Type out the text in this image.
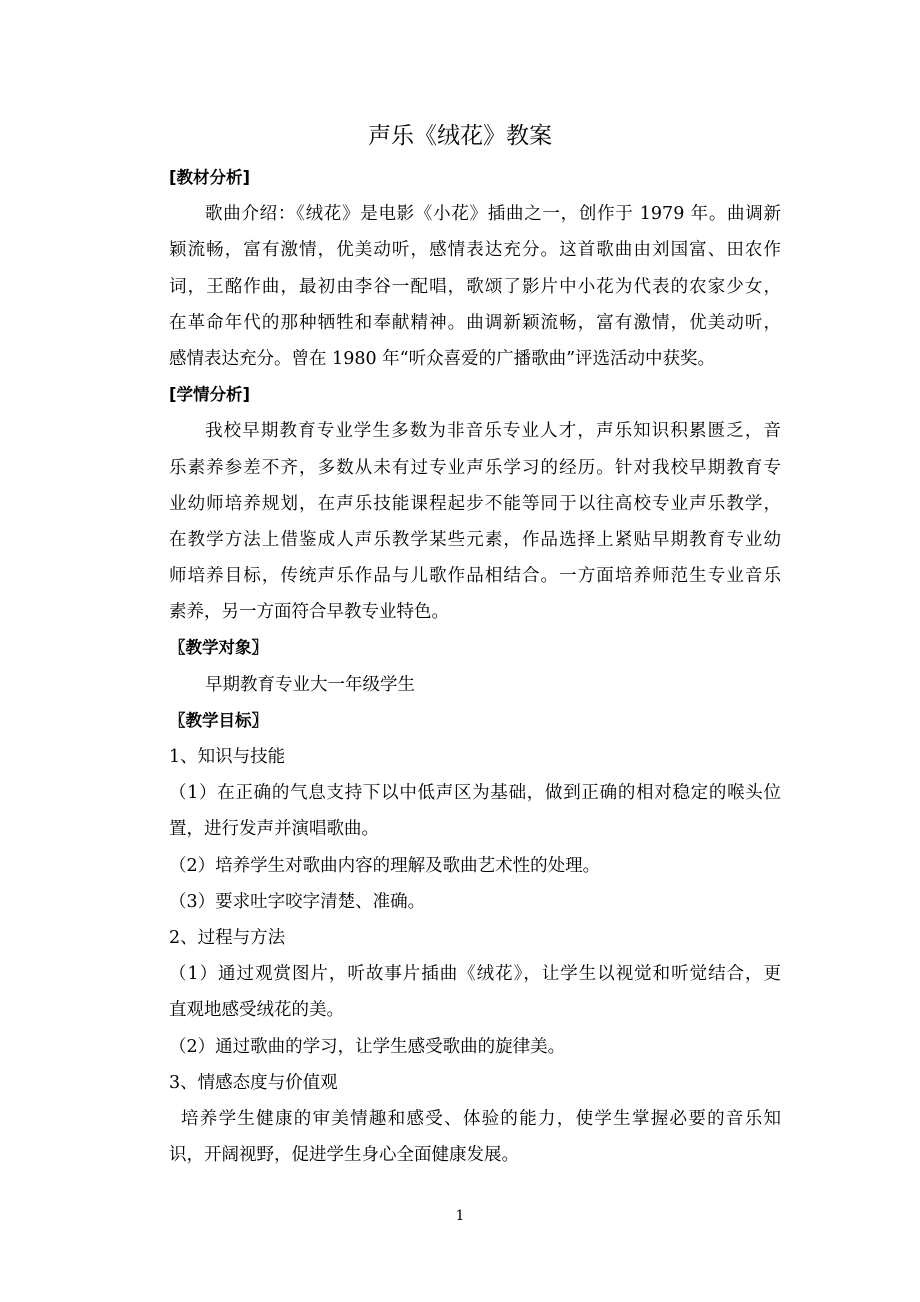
声乐《绒花》教案
[教材分析]
歌曲介绍：《绒花》是电影《小花》插曲之一，创作于 1979 年。曲调新
颖流畅，富有激情，优美动听，感情表达充分。这首歌曲由刘国富、田农作
词，王酩作曲，最初由李谷一配唱，歌颂了影片中小花为代表的农家少女，
在革命年代的那种牺牲和奉献精神。曲调新颖流畅，富有激情，优美动听，
感情表达充分。曾在 1980 年“听众喜爱的广播歌曲”评选活动中获奖。
[学情分析]
我校早期教育专业学生多数为非音乐专业人才，声乐知识积累匮乏，音
乐素养参差不齐，多数从未有过专业声乐学习的经历。针对我校早期教育专
业幼师培养规划，在声乐技能课程起步不能等同于以往高校专业声乐教学，
在教学方法上借鉴成人声乐教学某些元素，作品选择上紧贴早期教育专业幼
师培养目标，传统声乐作品与儿歌作品相结合。一方面培养师范生专业音乐
素养，另一方面符合早教专业特色。
〖教学对象〗
早期教育专业大一年级学生
〖教学目标〗
1、知识与技能
（1）在正确的气息支持下以中低声区为基础，做到正确的相对稳定的喉头位
置，进行发声并演唱歌曲。
（2）培养学生对歌曲内容的理解及歌曲艺术性的处理。
（3）要求吐字咬字清楚、准确。
2、过程与方法
（1）通过观赏图片，听故事片插曲《绒花》，让学生以视觉和听觉结合，更
直观地感受绒花的美。
（2）通过歌曲的学习，让学生感受歌曲的旋律美。
3、情感态度与价值观
培养学生健康的审美情趣和感受、体验的能力，使学生掌握必要的音乐知
识，开阔视野，促进学生身心全面健康发展。
1
